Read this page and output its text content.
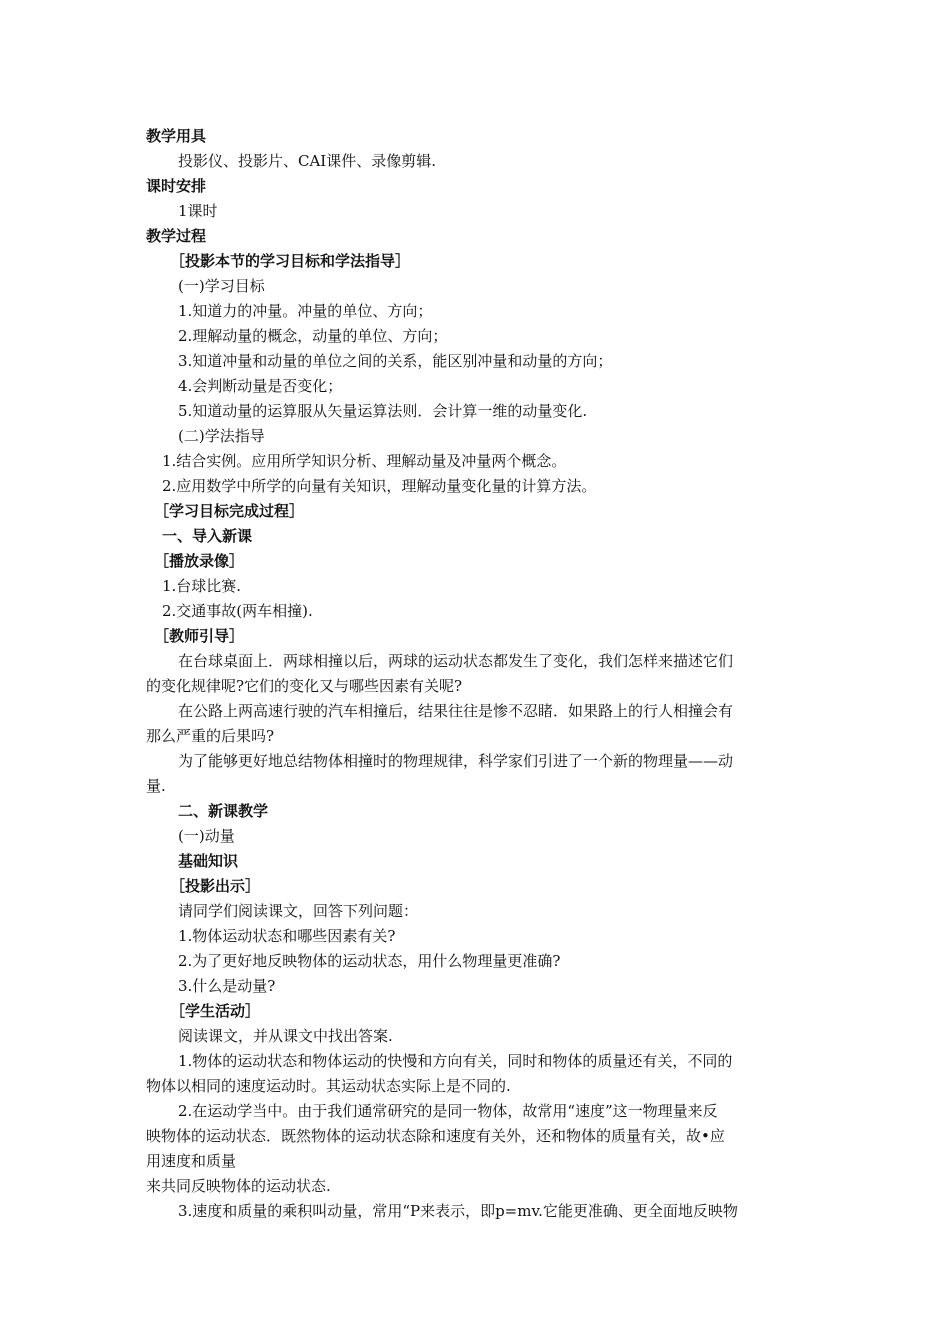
教学用具
投影仪、投影片、CAI课件、录像剪辑.
课时安排
1课时
教学过程
［投影本节的学习目标和学法指导］
(一)学习目标
1.知道力的冲量。冲量的单位、方向；
2.理解动量的概念，动量的单位、方向；
3.知道冲量和动量的单位之间的关系，能区别冲量和动量的方向；
4.会判断动量是否变化；
5.知道动量的运算服从矢量运算法则．会计算一维的动量变化.
(二)学法指导
1.结合实例。应用所学知识分析、理解动量及冲量两个概念。
2.应用数学中所学的向量有关知识，理解动量变化量的计算方法。
［学习目标完成过程］
一、导入新课
［播放录像］
1.台球比赛.
2.交通事故(两车相撞).
［教师引导］
在台球桌面上．两球相撞以后，两球的运动状态都发生了变化，我们怎样来描述它们
的变化规律呢?它们的变化又与哪些因素有关呢?
在公路上两高速行驶的汽车相撞后，结果往往是惨不忍睹．如果路上的行人相撞会有
那么严重的后果吗?
为了能够更好地总结物体相撞时的物理规律，科学家们引进了一个新的物理量——动
量.
二、新课教学
(一)动量
基础知识
［投影出示］
请同学们阅读课文，回答下列问题：
1.物体运动状态和哪些因素有关?
2.为了更好地反映物体的运动状态，用什么物理量更准确?
3.什么是动量?
［学生活动］
阅读课文，并从课文中找出答案.
1.物体的运动状态和物体运动的快慢和方向有关，同时和物体的质量还有关，不同的
物体以相同的速度运动时。其运动状态实际上是不同的.
2.在运动学当中。由于我们通常研究的是同一物体，故常用“速度”这一物理量来反
映物体的运动状态．既然物体的运动状态除和速度有关外，还和物体的质量有关，故•应
用速度和质量
来共同反映物体的运动状态.
3.速度和质量的乘积叫动量，常用“P来表示，即p=mv.它能更准确、更全面地反映物
